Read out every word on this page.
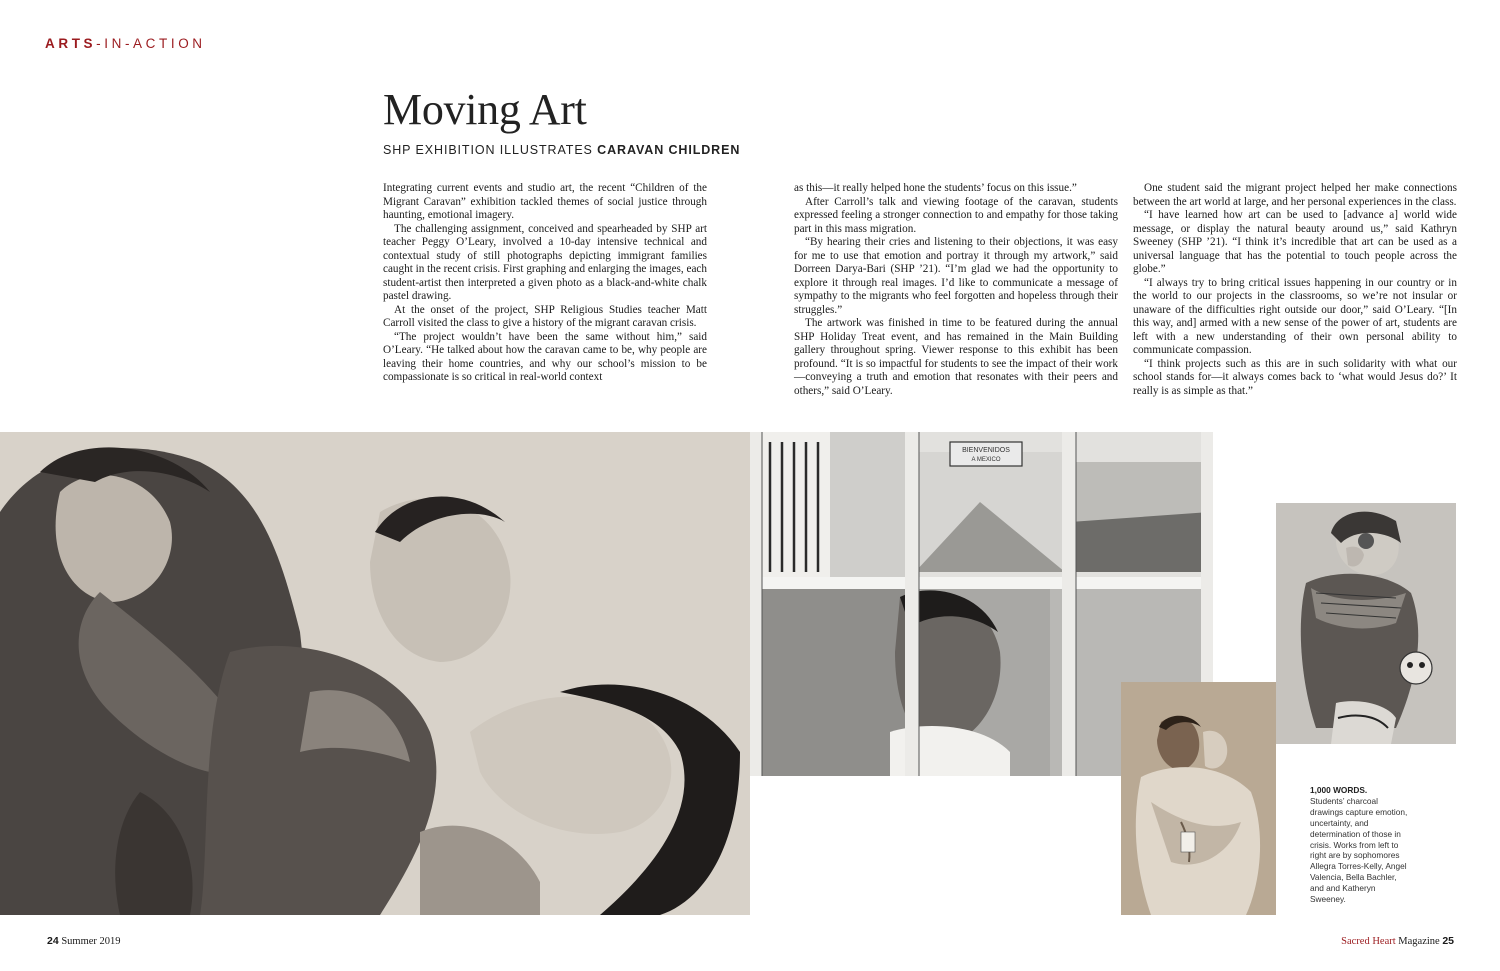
ARTS-IN-ACTION
Moving Art
SHP EXHIBITION ILLUSTRATES CARAVAN CHILDREN

Integrating current events and studio art, the recent “Children of the Migrant Caravan” exhibition tackled themes of social justice through haunting, emotional imagery.

The challenging assignment, conceived and spearheaded by SHP art teacher Peggy O’Leary, involved a 10-day intensive technical and contextual study of still photographs depicting immigrant families caught in the recent crisis. First graphing and enlarging the images, each student-artist then interpreted a given photo as a black-and-white chalk pastel drawing.

At the onset of the project, SHP Religious Studies teacher Matt Carroll visited the class to give a history of the migrant caravan crisis.

“The project wouldn’t have been the same without him,” said O’Leary. “He talked about how the caravan came to be, why people are leaving their home countries, and why our school’s mission to be compassionate is so critical in real-world context

as this—it really helped hone the students’ focus on this issue.”

After Carroll’s talk and viewing footage of the caravan, students expressed feeling a stronger connection to and empathy for those taking part in this mass migration.

“By hearing their cries and listening to their objections, it was easy for me to use that emotion and portray it through my artwork,” said Dorreen Darya-Bari (SHP ’21). “I’m glad we had the opportunity to explore it through real images. I’d like to communicate a message of sympathy to the migrants who feel forgotten and hopeless through their struggles.”

The artwork was finished in time to be featured during the annual SHP Holiday Treat event, and has remained in the Main Building gallery throughout spring. Viewer response to this exhibit has been profound. “It is so impactful for students to see the impact of their work—conveying a truth and emotion that resonates with their peers and others,” said O’Leary.

One student said the migrant project helped her make connections between the art world at large, and her personal experiences in the class.

“I have learned how art can be used to [advance a] world wide message, or display the natural beauty around us,” said Kathryn Sweeney (SHP ’21). “I think it’s incredible that art can be used as a universal language that has the potential to touch people across the globe.”

“I always try to bring critical issues happening in our country or in the world to our projects in the classrooms, so we’re not insular or unaware of the difficulties right outside our door,” said O’Leary. “[In this way, and] armed with a new sense of the power of art, students are left with a new understanding of their own personal ability to communicate compassion.

“I think projects such as this are in such solidarity with what our school stands for—it always comes back to ‘what would Jesus do?’ It really is as simple as that.”

BIENVENIDOS
A MEXICO
1,000 WORDS.
Students’ charcoal drawings capture emotion, uncertainty, and determination of those in crisis. Works from left to right are by sophomores Allegra Torres-Kelly, Angel Valencia, Bella Bachler, and and Katheryn Sweeney.
24 Summer 2019	Sacred Heart Magazine 25
